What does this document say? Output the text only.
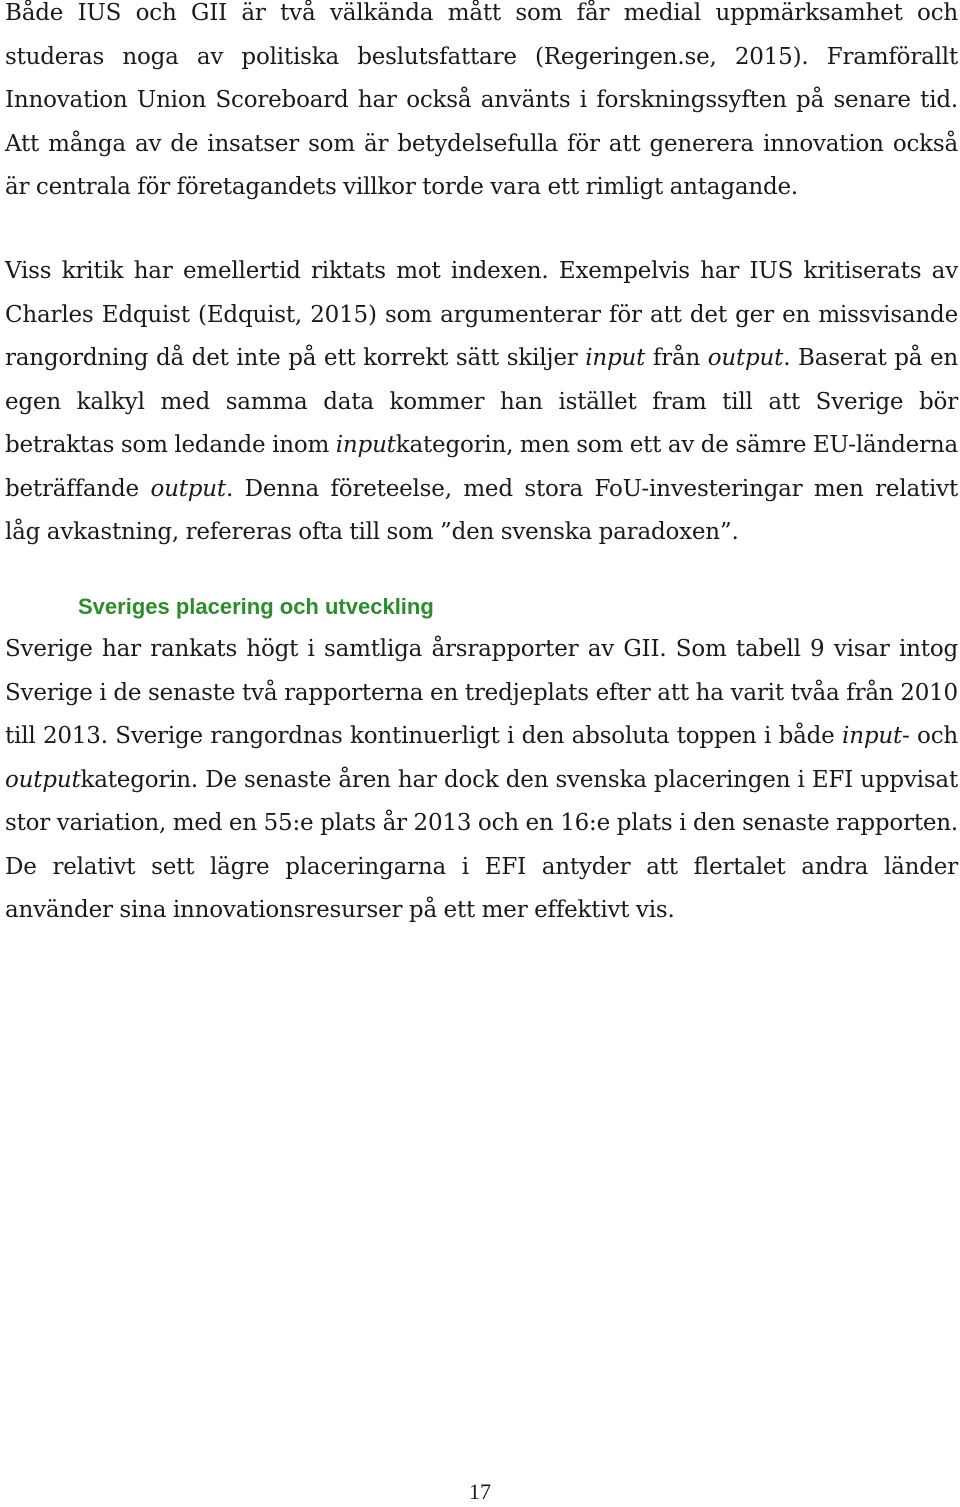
Både IUS och GII är två välkända mått som får medial uppmärksamhet och studeras noga av politiska beslutsfattare (Regeringen.se, 2015). Framförallt Innovation Union Scoreboard har också använts i forskningssyften på senare tid. Att många av de insatser som är betydelsefulla för att generera innovation också är centrala för företagandets villkor torde vara ett rimligt antagande.

Viss kritik har emellertid riktats mot indexen. Exempelvis har IUS kritiserats av Charles Edquist (Edquist, 2015) som argumenterar för att det ger en missvisande rangordning då det inte på ett korrekt sätt skiljer input från output. Baserat på en egen kalkyl med samma data kommer han istället fram till att Sverige bör betraktas som ledande inom inputkategorin, men som ett av de sämre EU-länderna beträffande output. Denna företeelse, med stora FoU-investeringar men relativt låg avkastning, refereras ofta till som ”den svenska paradoxen”.

Sveriges placering och utveckling

Sverige har rankats högt i samtliga årsrapporter av GII. Som tabell 9 visar intog Sverige i de senaste två rapporterna en tredjeplats efter att ha varit tvåa från 2010 till 2013. Sverige rangordnas kontinuerligt i den absoluta toppen i både input- och outputkategorin. De senaste åren har dock den svenska placeringen i EFI uppvisat stor variation, med en 55:e plats år 2013 och en 16:e plats i den senaste rapporten. De relativt sett lägre placeringarna i EFI antyder att flertalet andra länder använder sina innovationsresurser på ett mer effektivt vis.

17
